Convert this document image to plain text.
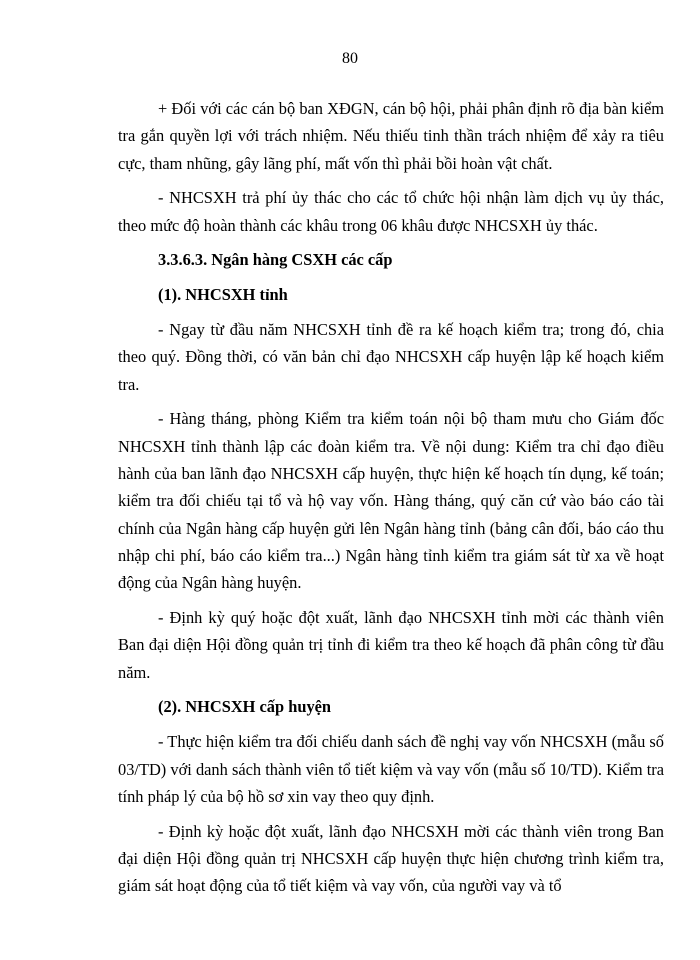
80

+ Đối với các cán bộ ban XĐGN, cán bộ hội, phải phân định rõ địa bàn kiểm tra gắn quyền lợi với trách nhiệm. Nếu thiếu tinh thần trách nhiệm để xảy ra tiêu cực, tham nhũng, gây lãng phí, mất vốn thì phải bồi hoàn vật chất.

- NHCSXH trả phí ủy thác cho các tổ chức hội nhận làm dịch vụ ủy thác, theo mức độ hoàn thành các khâu trong 06 khâu được NHCSXH ủy thác.

3.3.6.3. Ngân hàng CSXH các cấp

(1). NHCSXH tỉnh

- Ngay từ đầu năm NHCSXH tỉnh đề ra kế hoạch kiểm tra; trong đó, chia theo quý. Đồng thời, có văn bản chỉ đạo NHCSXH cấp huyện lập kế hoạch kiểm tra.

- Hàng tháng, phòng Kiểm tra kiểm toán nội bộ tham mưu cho Giám đốc NHCSXH tỉnh thành lập các đoàn kiểm tra. Về nội dung: Kiểm tra chỉ đạo điều hành của ban lãnh đạo NHCSXH cấp huyện, thực hiện kế hoạch tín dụng, kế toán; kiểm tra đối chiếu tại tổ và hộ vay vốn. Hàng tháng, quý căn cứ vào báo cáo tài chính của Ngân hàng cấp huyện gửi lên Ngân hàng tỉnh (bảng cân đối, báo cáo thu nhập chi phí, báo cáo kiểm tra...) Ngân hàng tỉnh kiểm tra giám sát từ xa về hoạt động của Ngân hàng huyện.

- Định kỳ quý hoặc đột xuất, lãnh đạo NHCSXH tỉnh mời các thành viên Ban đại diện Hội đồng quản trị tỉnh đi kiểm tra theo kế hoạch đã phân công từ đầu năm.

(2). NHCSXH cấp huyện

- Thực hiện kiểm tra đối chiếu danh sách đề nghị vay vốn NHCSXH (mẫu số 03/TD) với danh sách thành viên tổ tiết kiệm và vay vốn (mẫu số 10/TD). Kiểm tra tính pháp lý của bộ hồ sơ xin vay theo quy định.

- Định kỳ hoặc đột xuất, lãnh đạo NHCSXH mời các thành viên trong Ban đại diện Hội đồng quản trị NHCSXH cấp huyện thực hiện chương trình kiểm tra, giám sát hoạt động của tổ tiết kiệm và vay vốn, của người vay và tổ
